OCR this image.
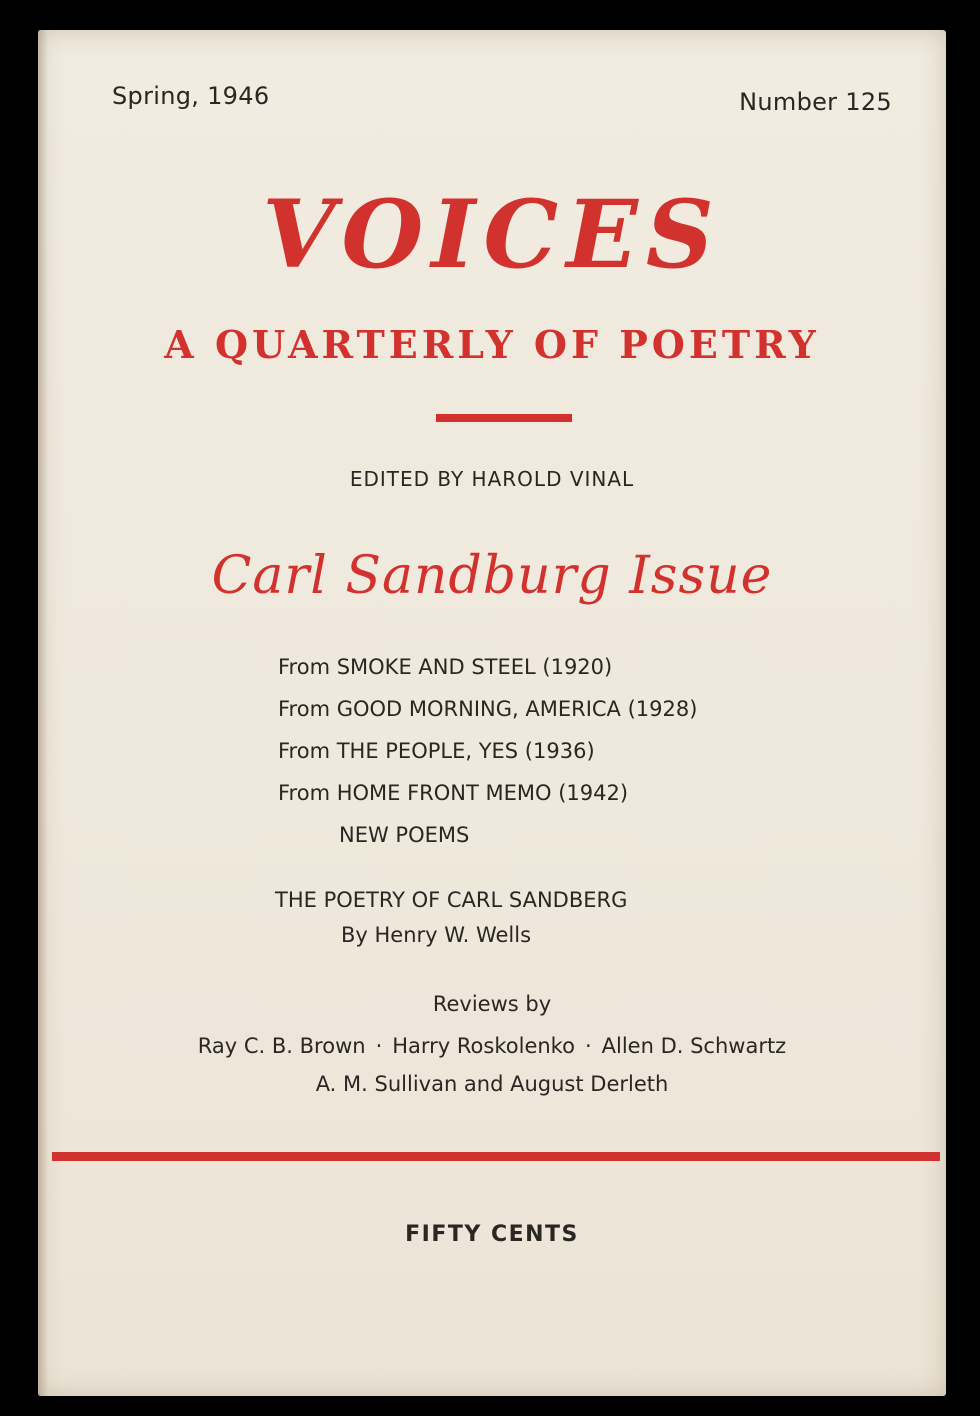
Spring, 1946	Number 125
VOICES
A QUARTERLY OF POETRY
EDITED BY HAROLD VINAL
Carl Sandburg Issue
From SMOKE AND STEEL (1920)
From GOOD MORNING, AMERICA (1928)
From THE PEOPLE, YES (1936)
From HOME FRONT MEMO (1942)
NEW POEMS
THE POETRY OF CARL SANDBERG
By Henry W. Wells
Reviews by
Ray C. B. Brown · Harry Roskolenko · Allen D. Schwartz
A. M. Sullivan and August Derleth
FIFTY CENTS
